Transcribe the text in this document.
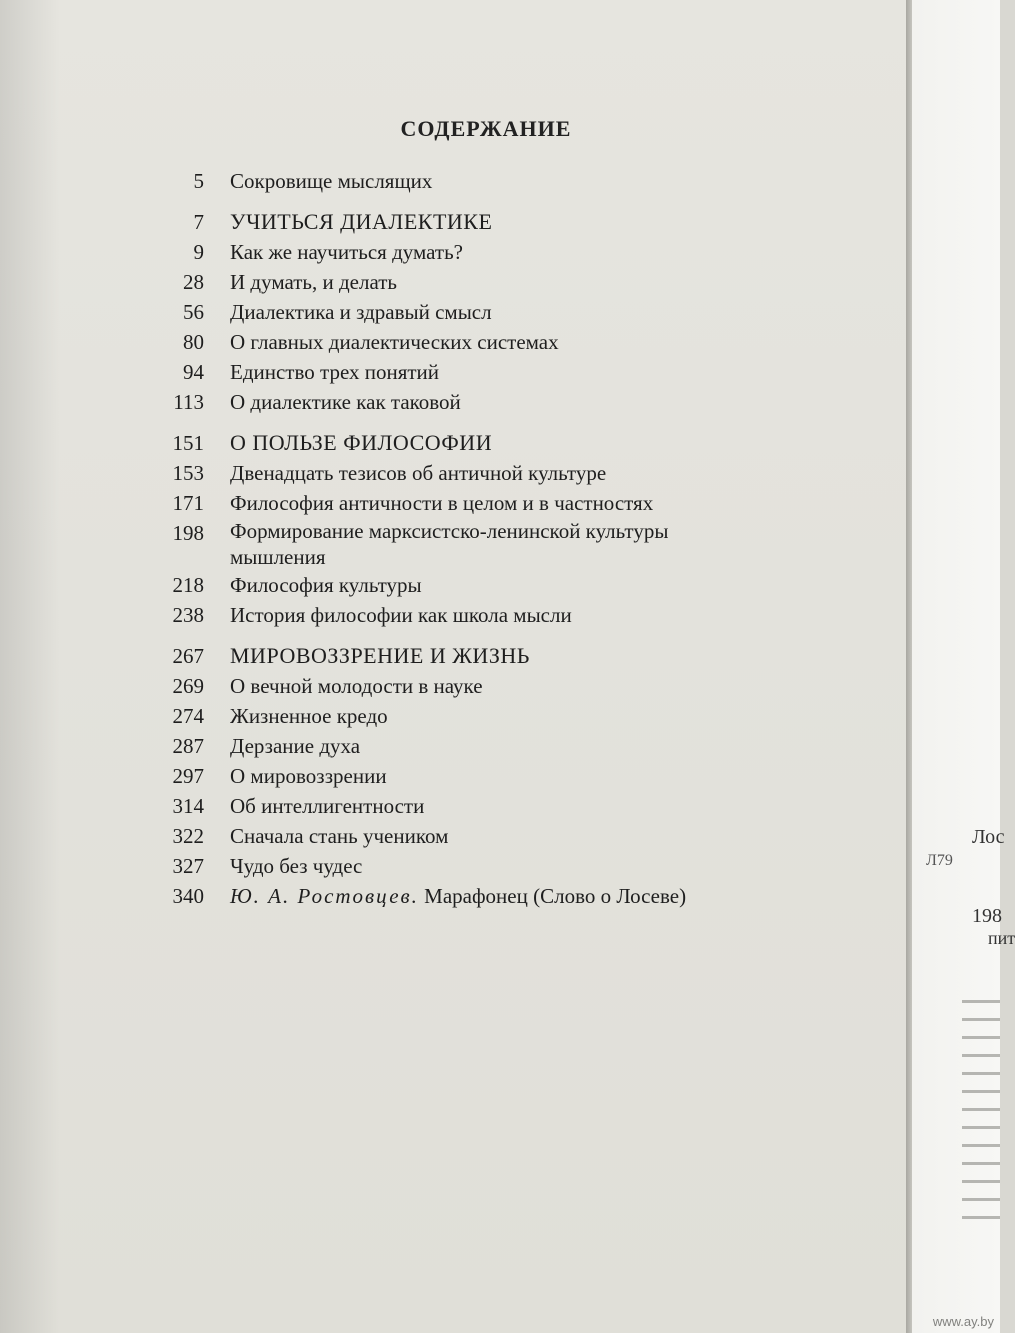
СОДЕРЖАНИЕ
5 Сокровище мыслящих
7 УЧИТЬСЯ ДИАЛЕКТИКЕ
9 Как же научиться думать?
28 И думать, и делать
56 Диалектика и здравый смысл
80 О главных диалектических системах
94 Единство трех понятий
113 О диалектике как таковой
151 О ПОЛЬЗЕ ФИЛОСОФИИ
153 Двенадцать тезисов об античной культуре
171 Философия античности в целом и в частностях
198 Формирование марксистско-ленинской культуры
мышления
218 Философия культуры
238 История философии как школа мысли
267 МИРОВОЗЗРЕНИЕ И ЖИЗНЬ
269 О вечной молодости в науке
274 Жизненное кредо
287 Дерзание духа
297 О мировоззрении
314 Об интеллигентности
322 Сначала стань учеником
327 Чудо без чудес
340 Ю. А. Ростовцев. Марафонец (Слово о Лосеве)
Лос
Л79
198
пит
www.ay.by
